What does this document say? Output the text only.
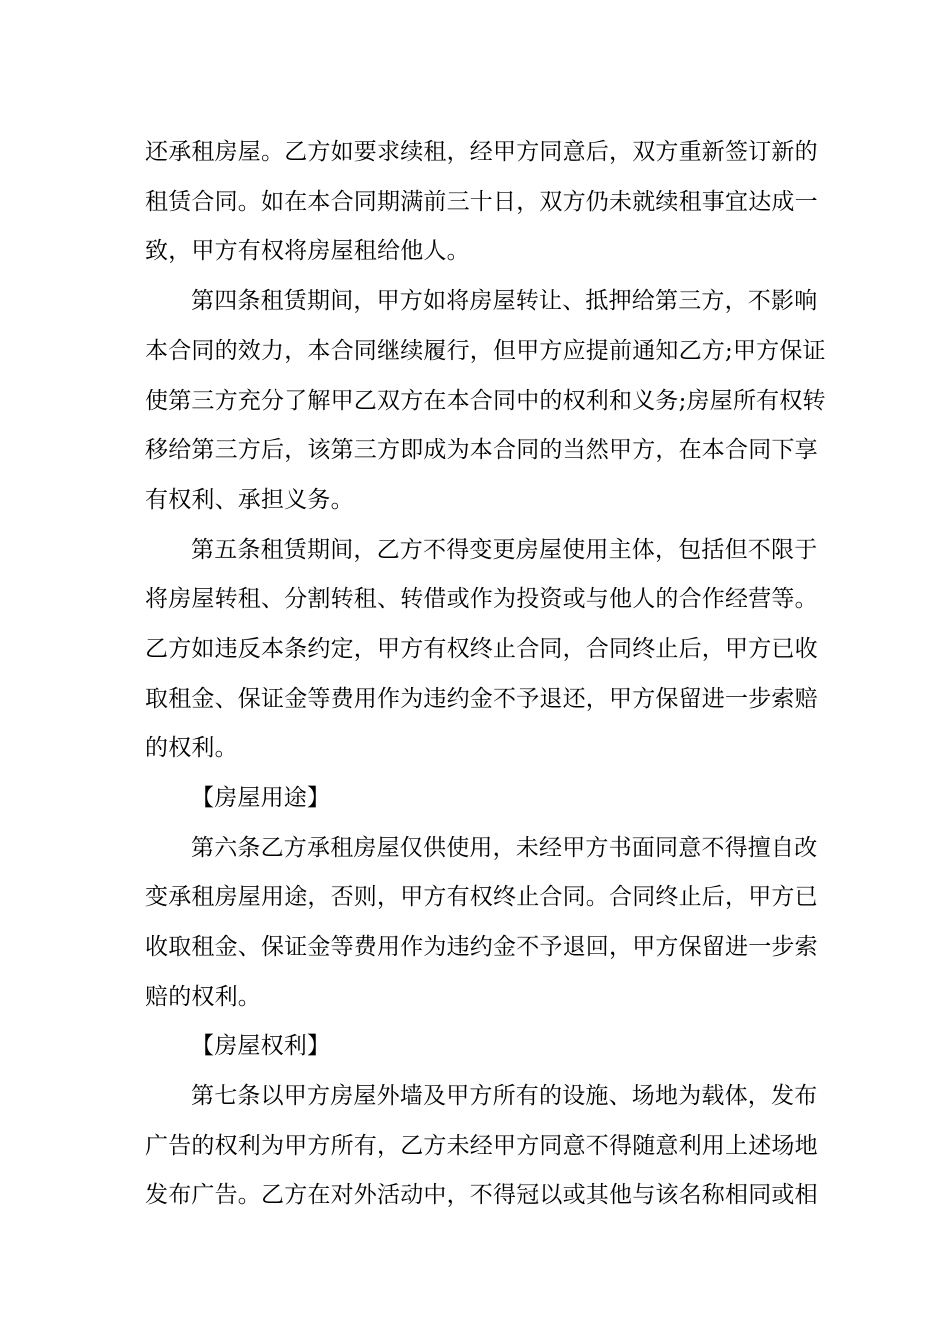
还承租房屋。乙方如要求续租，经甲方同意后，双方重新签订新的
租赁合同。如在本合同期满前三十日，双方仍未就续租事宜达成一
致，甲方有权将房屋租给他人。
第四条租赁期间，甲方如将房屋转让、抵押给第三方，不影响
本合同的效力，本合同继续履行，但甲方应提前通知乙方;甲方保证
使第三方充分了解甲乙双方在本合同中的权利和义务;房屋所有权转
移给第三方后，该第三方即成为本合同的当然甲方，在本合同下享
有权利、承担义务。
第五条租赁期间，乙方不得变更房屋使用主体，包括但不限于
将房屋转租、分割转租、转借或作为投资或与他人的合作经营等。
乙方如违反本条约定，甲方有权终止合同，合同终止后，甲方已收
取租金、保证金等费用作为违约金不予退还，甲方保留进一步索赔
的权利。
【房屋用途】
第六条乙方承租房屋仅供使用，未经甲方书面同意不得擅自改
变承租房屋用途，否则，甲方有权终止合同。合同终止后，甲方已
收取租金、保证金等费用作为违约金不予退回，甲方保留进一步索
赔的权利。
【房屋权利】
第七条以甲方房屋外墙及甲方所有的设施、场地为载体，发布
广告的权利为甲方所有，乙方未经甲方同意不得随意利用上述场地
发布广告。乙方在对外活动中，不得冠以或其他与该名称相同或相
